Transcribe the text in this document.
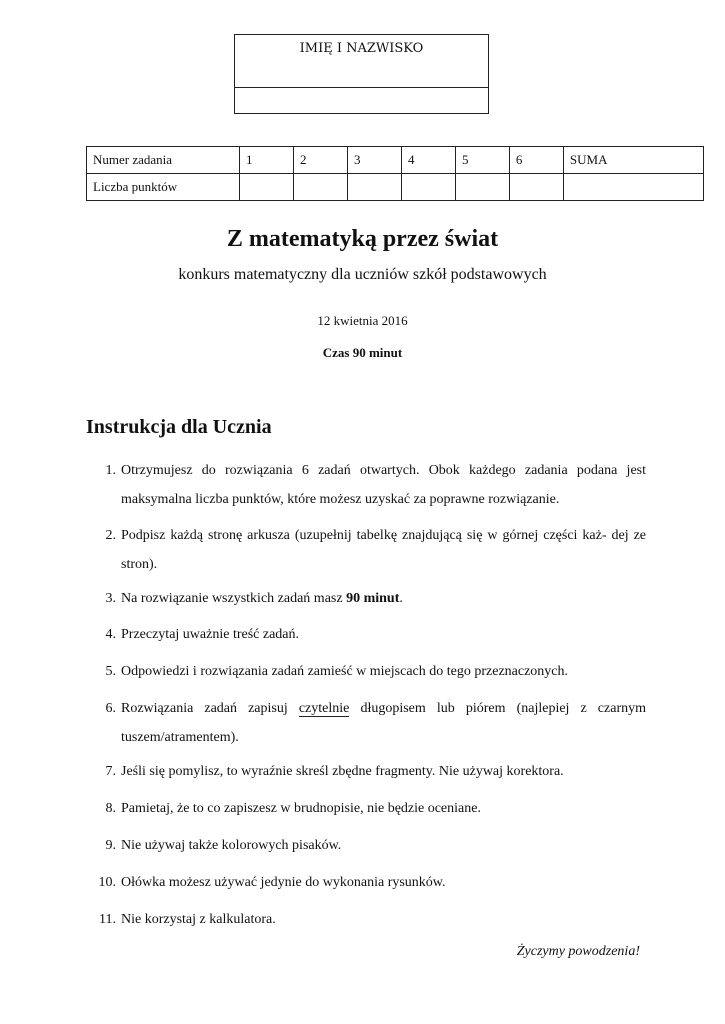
IMIĘ I NAZWISKO
Numer zadania	1	2	3	4	5	6	SUMA
Liczba punktów							
Z matematyką przez świat
konkurs matematyczny dla uczniów szkół podstawowych
12 kwietnia 2016
Czas 90 minut
Instrukcja dla Ucznia
1. Otrzymujesz do rozwiązania 6 zadań otwartych. Obok każdego zadania podana jest maksymalna liczba punktów, które możesz uzyskać za poprawne rozwiązanie.
2. Podpisz każdą stronę arkusza (uzupełnij tabelkę znajdującą się w górnej części każ- dej ze stron).
3. Na rozwiązanie wszystkich zadań masz 90 minut.
4. Przeczytaj uważnie treść zadań.
5. Odpowiedzi i rozwiązania zadań zamieść w miejscach do tego przeznaczonych.
6. Rozwiązania zadań zapisuj czytelnie długopisem lub piórem (najlepiej z czarnym tuszem/atramentem).
7. Jeśli się pomylisz, to wyraźnie skreśl zbędne fragmenty. Nie używaj korektora.
8. Pamietaj, że to co zapiszesz w brudnopisie, nie będzie oceniane.
9. Nie używaj także kolorowych pisaków.
10. Ołówka możesz używać jedynie do wykonania rysunków.
11. Nie korzystaj z kalkulatora.
Życzymy powodzenia!
